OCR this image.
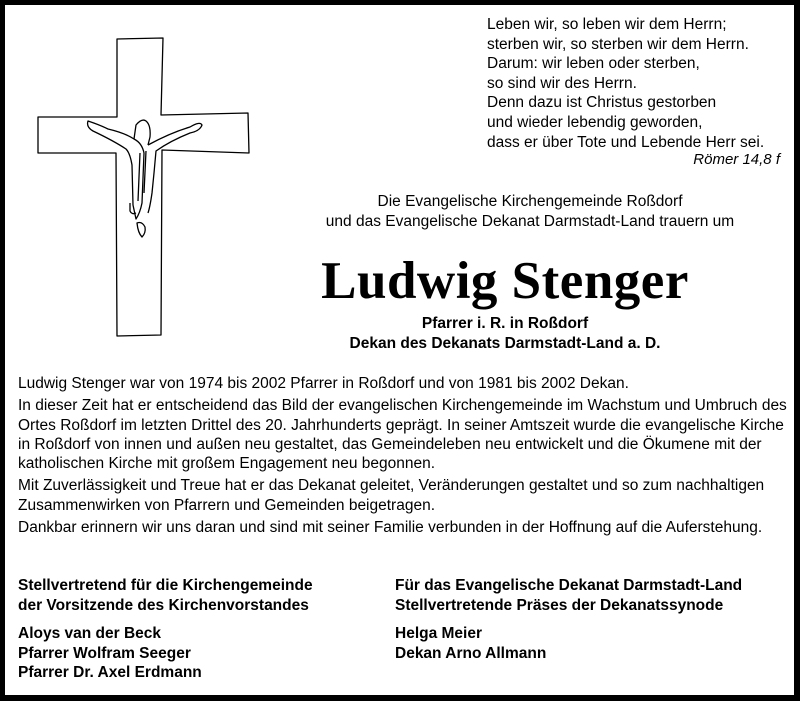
Leben wir, so leben wir dem Herrn;
sterben wir, so sterben wir dem Herrn.
Darum: wir leben oder sterben,
so sind wir des Herrn.
Denn dazu ist Christus gestorben
und wieder lebendig geworden,
dass er über Tote und Lebende Herr sei.
Römer 14,8 f
Die Evangelische Kirchengemeinde Roßdorf
und das Evangelische Dekanat Darmstadt-Land trauern um
Ludwig Stenger
Pfarrer i. R. in Roßdorf
Dekan des Dekanats Darmstadt-Land a. D.

Ludwig Stenger war von 1974 bis 2002 Pfarrer in Roßdorf und von 1981 bis 2002 Dekan.

In dieser Zeit hat er entscheidend das Bild der evangelischen Kirchengemeinde im Wachstum und Umbruch des Ortes Roßdorf im letzten Drittel des 20. Jahrhunderts geprägt. In seiner Amtszeit wurde die evangelische Kirche in Roßdorf von innen und außen neu gestaltet, das Gemeindeleben neu entwickelt und die Ökumene mit der katholischen Kirche mit großem Engagement neu begonnen.

Mit Zuverlässigkeit und Treue hat er das Dekanat geleitet, Veränderungen gestaltet und so zum nachhaltigen Zusammenwirken von Pfarrern und Gemeinden beigetragen.

Dankbar erinnern wir uns daran und sind mit seiner Familie verbunden in der Hoffnung auf die Auferstehung.

Stellvertretend für die Kirchengemeinde
der Vorsitzende des Kirchenvorstandes
Aloys van der Beck
Pfarrer Wolfram Seeger
Pfarrer Dr. Axel Erdmann
Für das Evangelische Dekanat Darmstadt-Land
Stellvertretende Präses der Dekanatssynode
Helga Meier
Dekan Arno Allmann
